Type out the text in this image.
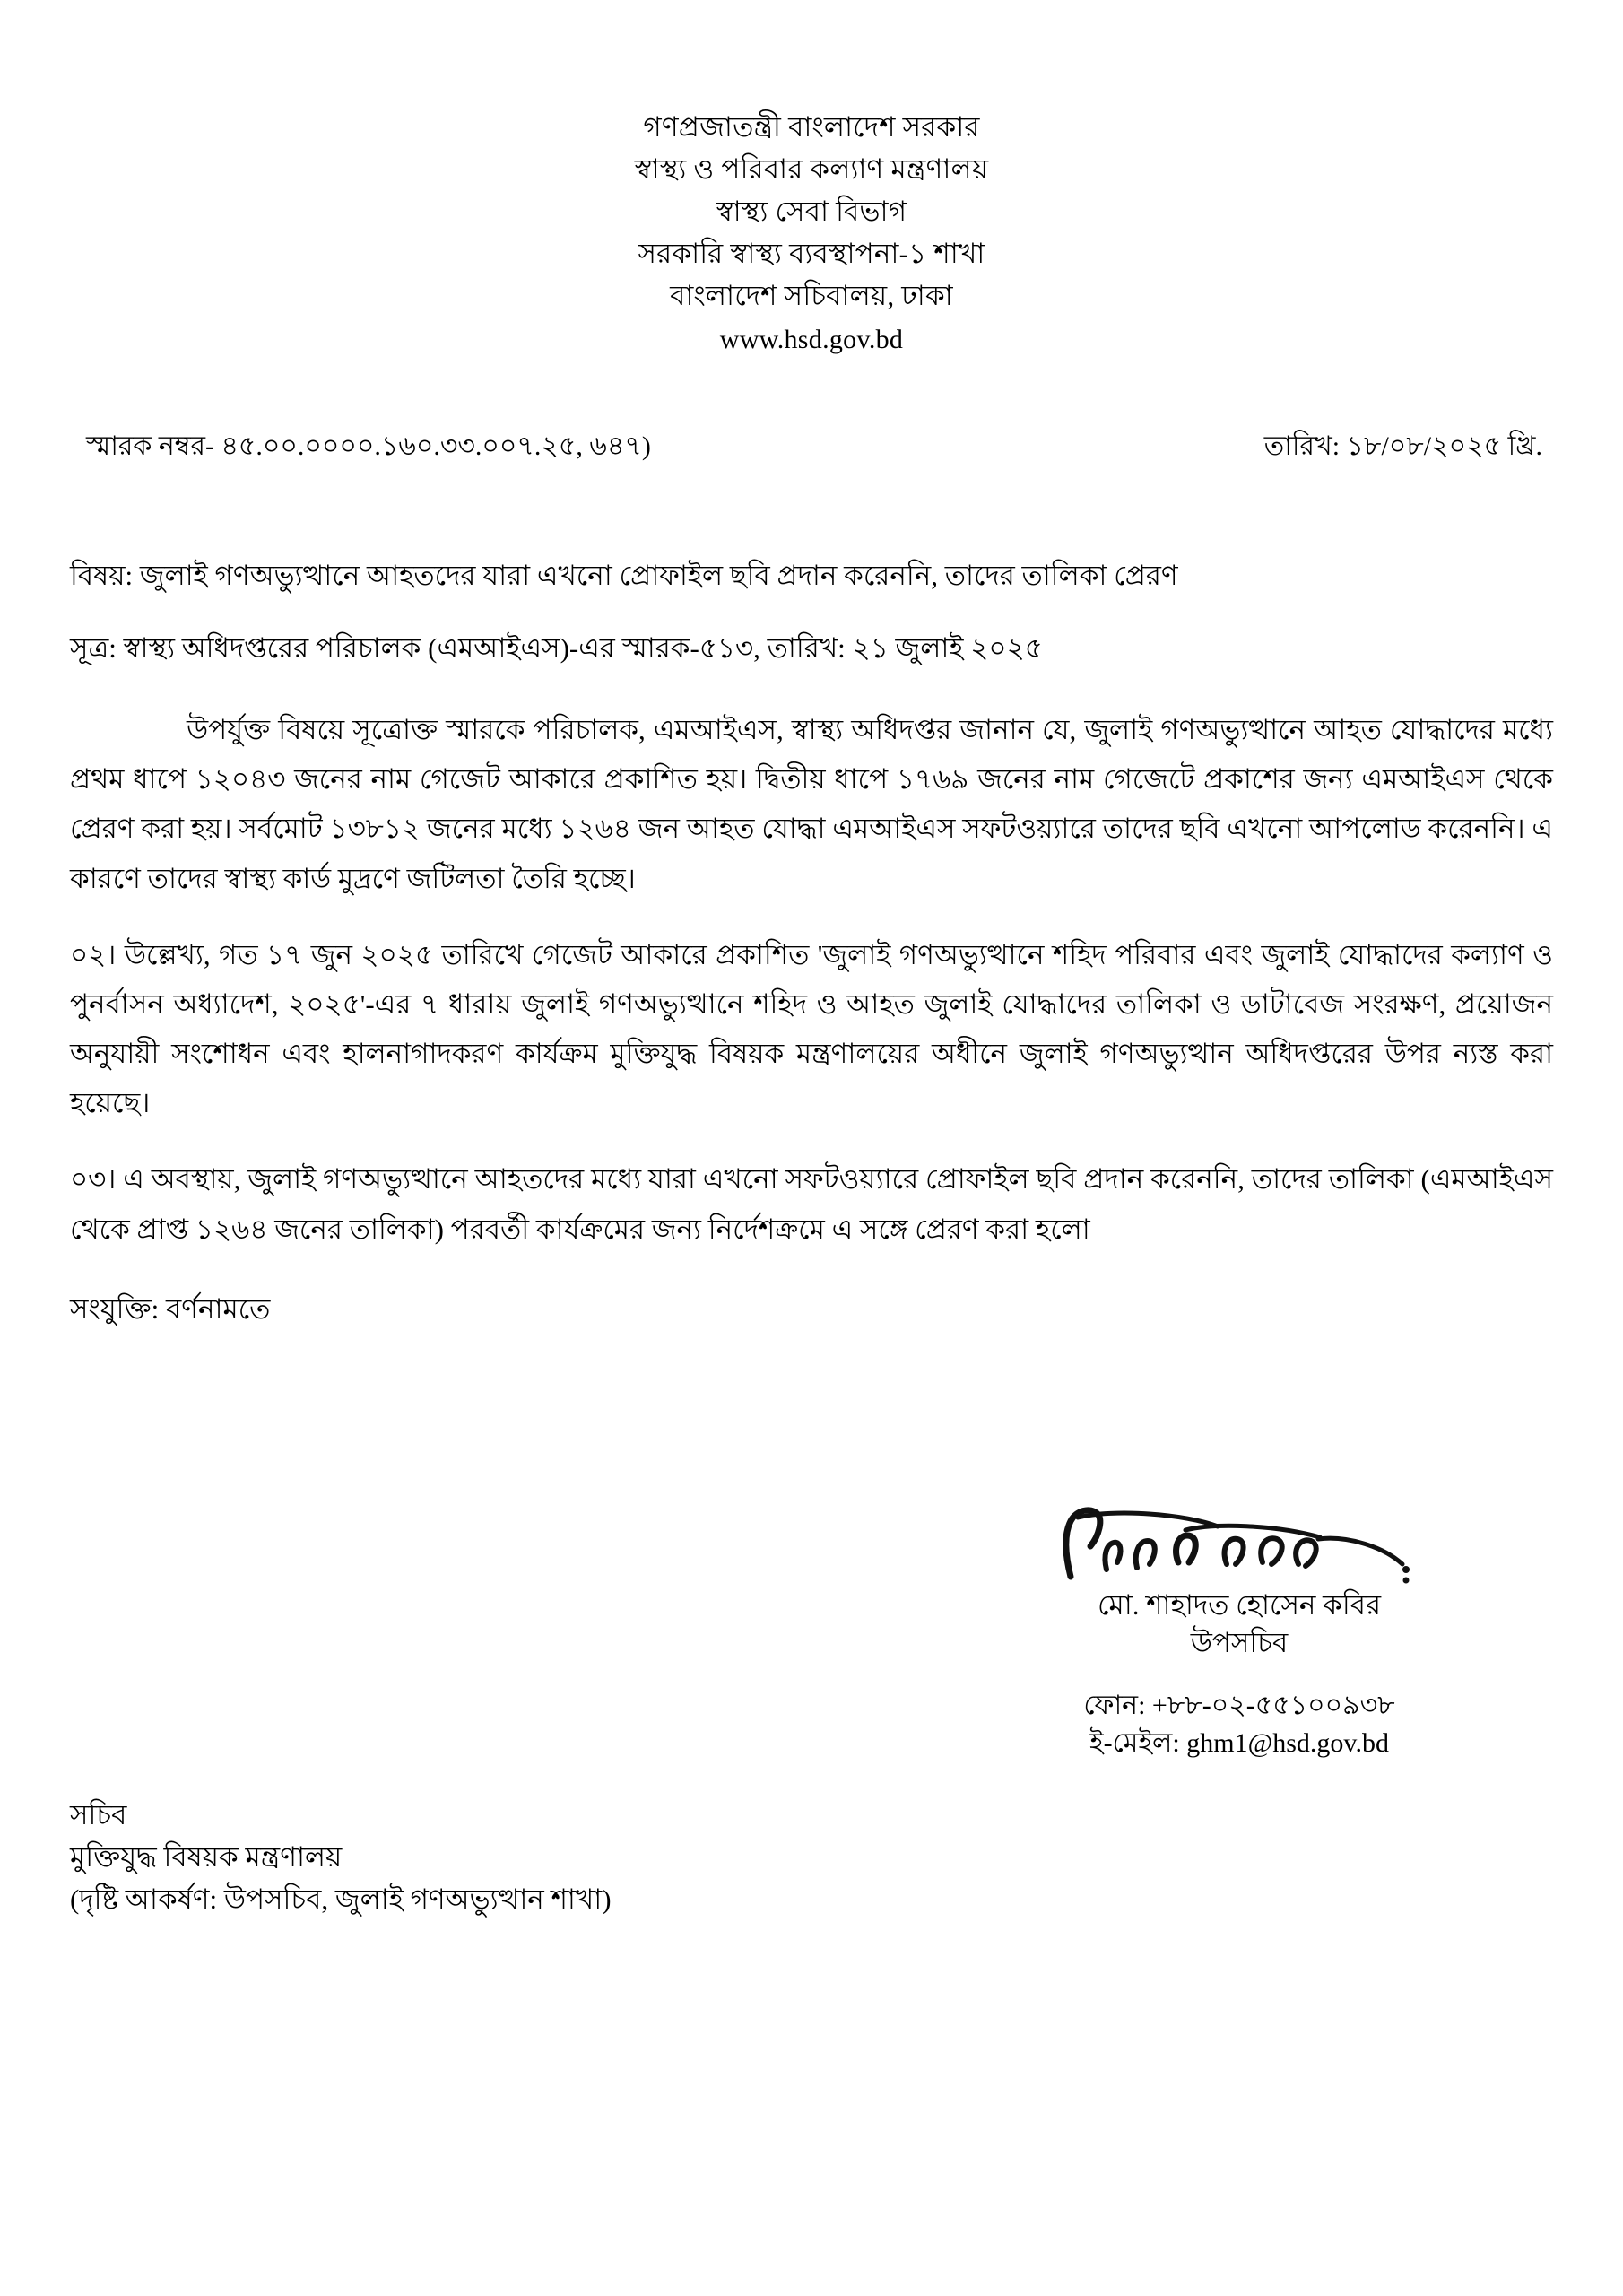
গণপ্রজাতন্ত্রী বাংলাদেশ সরকার
স্বাস্থ্য ও পরিবার কল্যাণ মন্ত্রণালয়
স্বাস্থ্য সেবা বিভাগ
সরকারি স্বাস্থ্য ব্যবস্থাপনা-১ শাখা
বাংলাদেশ সচিবালয়, ঢাকা
www.hsd.gov.bd
স্মারক নম্বর- ৪৫.০০.০০০০.১৬০.৩৩.০০৭.২৫, ৬৪৭)	তারিখ: ১৮/০৮/২০২৫ খ্রি.
বিষয়: জুলাই গণঅভ্যুত্থানে আহতদের যারা এখনো প্রোফাইল ছবি প্রদান করেননি, তাদের তালিকা প্রেরণ
সূত্র: স্বাস্থ্য অধিদপ্তরের পরিচালক (এমআইএস)-এর স্মারক-৫১৩, তারিখ: ২১ জুলাই ২০২৫

উপর্যুক্ত বিষয়ে সূত্রোক্ত স্মারকে পরিচালক, এমআইএস, স্বাস্থ্য অধিদপ্তর জানান যে, জুলাই গণঅভ্যুত্থানে আহত যোদ্ধাদের মধ্যে প্রথম ধাপে ১২০৪৩ জনের নাম গেজেট আকারে প্রকাশিত হয়। দ্বিতীয় ধাপে ১৭৬৯ জনের নাম গেজেটে প্রকাশের জন্য এমআইএস থেকে প্রেরণ করা হয়। সর্বমোট ১৩৮১২ জনের মধ্যে ১২৬৪ জন আহত যোদ্ধা এমআইএস সফটওয়্যারে তাদের ছবি এখনো আপলোড করেননি। এ কারণে তাদের স্বাস্থ্য কার্ড মুদ্রণে জটিলতা তৈরি হচ্ছে।

০২। উল্লেখ্য, গত ১৭ জুন ২০২৫ তারিখে গেজেট আকারে প্রকাশিত 'জুলাই গণঅভ্যুত্থানে শহিদ পরিবার এবং জুলাই যোদ্ধাদের কল্যাণ ও পুনর্বাসন অধ্যাদেশ, ২০২৫'-এর ৭ ধারায় জুলাই গণঅভ্যুত্থানে শহিদ ও আহত জুলাই যোদ্ধাদের তালিকা ও ডাটাবেজ সংরক্ষণ, প্রয়োজন অনুযায়ী সংশোধন এবং হালনাগাদকরণ কার্যক্রম মুক্তিযুদ্ধ বিষয়ক মন্ত্রণালয়ের অধীনে জুলাই গণঅভ্যুত্থান অধিদপ্তরের উপর ন্যস্ত করা হয়েছে।

০৩। এ অবস্থায়, জুলাই গণঅভ্যুত্থানে আহতদের মধ্যে যারা এখনো সফটওয়্যারে প্রোফাইল ছবি প্রদান করেননি, তাদের তালিকা (এমআইএস থেকে প্রাপ্ত ১২৬৪ জনের তালিকা) পরবর্তী কার্যক্রমের জন্য নির্দেশক্রমে এ সঙ্গে প্রেরণ করা হলো

সংযুক্তি: বর্ণনামতে
মো. শাহাদত হোসেন কবির
উপসচিব
ফোন: +৮৮-০২-৫৫১০০৯৩৮
ই-মেইল: ghm1@hsd.gov.bd
সচিব
মুক্তিযুদ্ধ বিষয়ক মন্ত্রণালয়
(দৃষ্টি আকর্ষণ: উপসচিব, জুলাই গণঅভ্যুত্থান শাখা)
